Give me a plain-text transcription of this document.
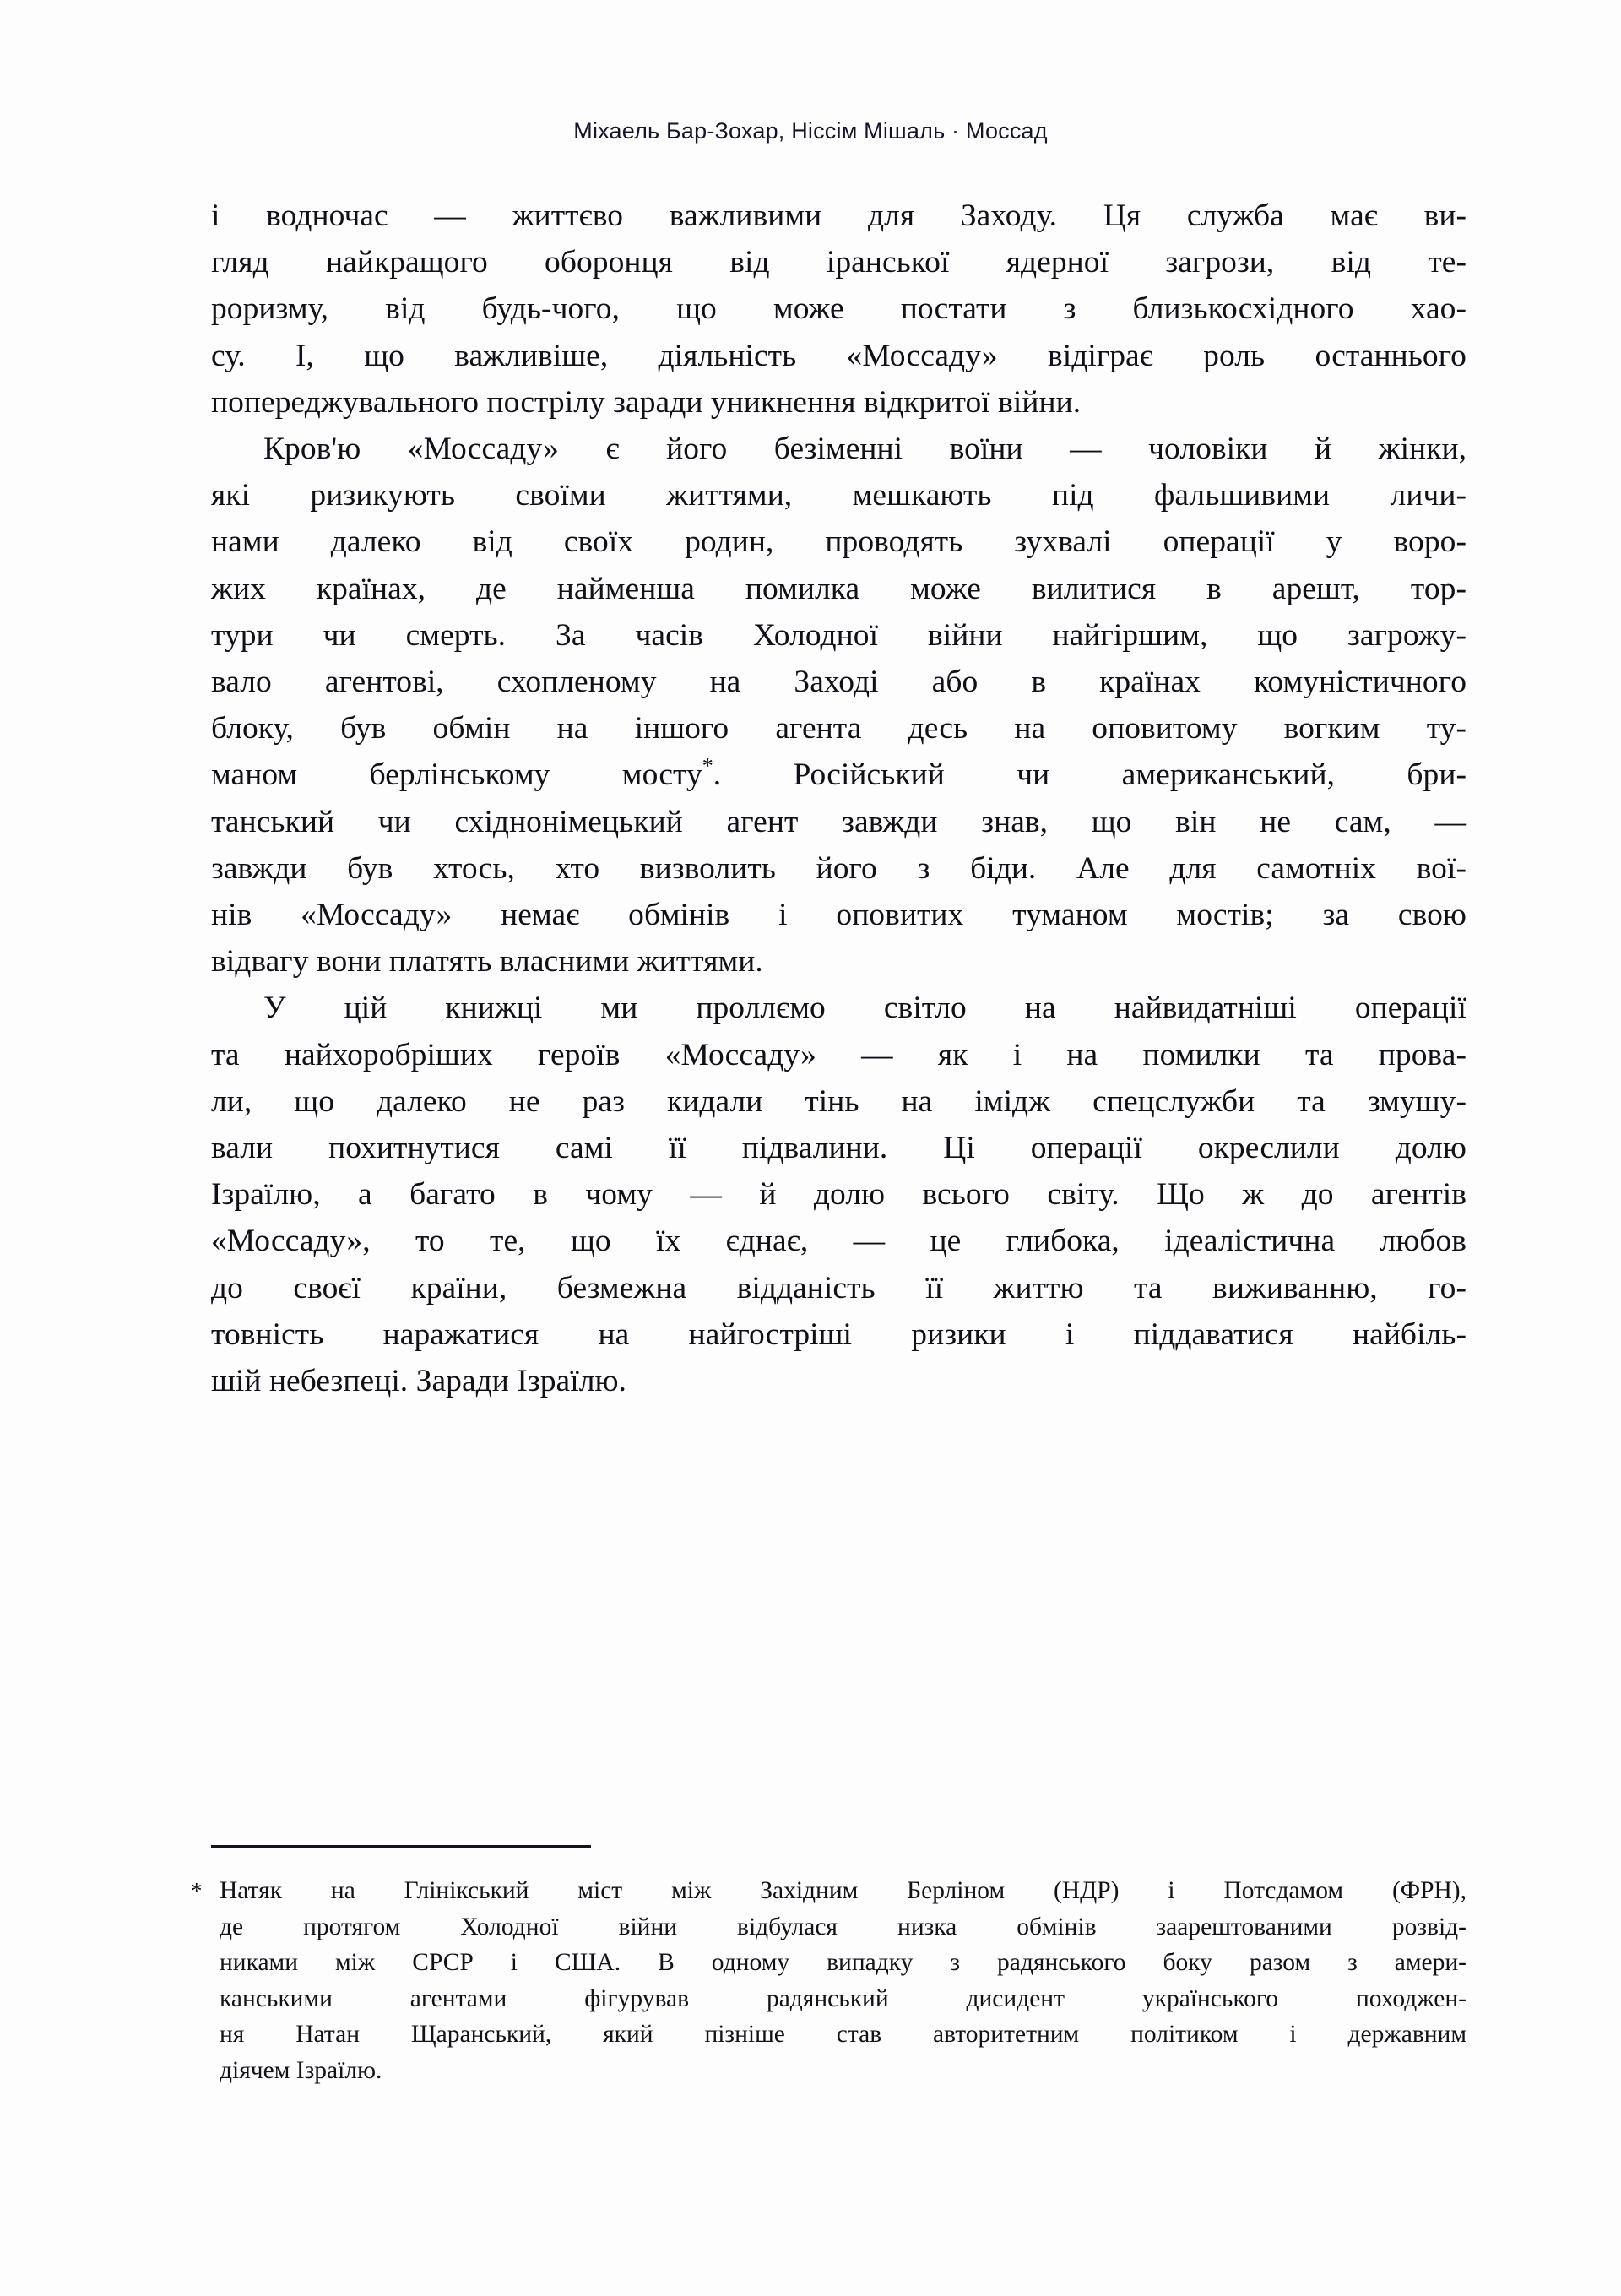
Міхаель Бар-Зохар, Ніссім Мішаль · Моссад

і водночас — життєво важливими для Заходу. Ця служба має ви-
гляд найкращого оборонця від іранської ядерної загрози, від те-
роризму, від будь-чого, що може постати з близькосхідного хао-
су. І, що важливіше, діяльність «Моссаду» відіграє роль останнього
попереджувального пострілу заради уникнення відкритої війни.

Кров'ю «Моссаду» є його безіменні воїни — чоловіки й жінки,
які ризикують своїми життями, мешкають під фальшивими личи-
нами далеко від своїх родин, проводять зухвалі операції у воро-
жих країнах, де найменша помилка може вилитися в арешт, тор-
тури чи смерть. За часів Холодної війни найгіршим, що загрожу-
вало агентові, схопленому на Заході або в країнах комуністичного
блоку, був обмін на іншого агента десь на оповитому вогким ту-
маном берлінському мосту*. Російський чи американський, бри-
танський чи східнонімецький агент завжди знав, що він не сам, —
завжди був хтось, хто визволить його з біди. Але для самотніх вої-
нів «Моссаду» немає обмінів і оповитих туманом мостів; за свою
відвагу вони платять власними життями.

У цій книжці ми проллємо світло на найвидатніші операції
та найхоробріших героїв «Моссаду» — як і на помилки та прова-
ли, що далеко не раз кидали тінь на імідж спецслужби та змушу-
вали похитнутися самі її підвалини. Ці операції окреслили долю
Ізраїлю, а багато в чому — й долю всього світу. Що ж до агентів
«Моссаду», то те, що їх єднає, — це глибока, ідеалістична любов
до своєї країни, безмежна відданість її життю та виживанню, го-
товність наражатися на найгостріші ризики і піддаватися найбіль-
шій небезпеці. Заради Ізраїлю.

* Натяк на Глінікський міст між Західним Берліном (НДР) і Потсдамом (ФРН),
де протягом Холодної війни відбулася низка обмінів заарештованими розвід-
никами між СРСР і США. В одному випадку з радянського боку разом з амери-
канськими агентами фігурував радянський дисидент українського походжен-
ня Натан Щаранський, який пізніше став авторитетним політиком і державним
діячем Ізраїлю.
